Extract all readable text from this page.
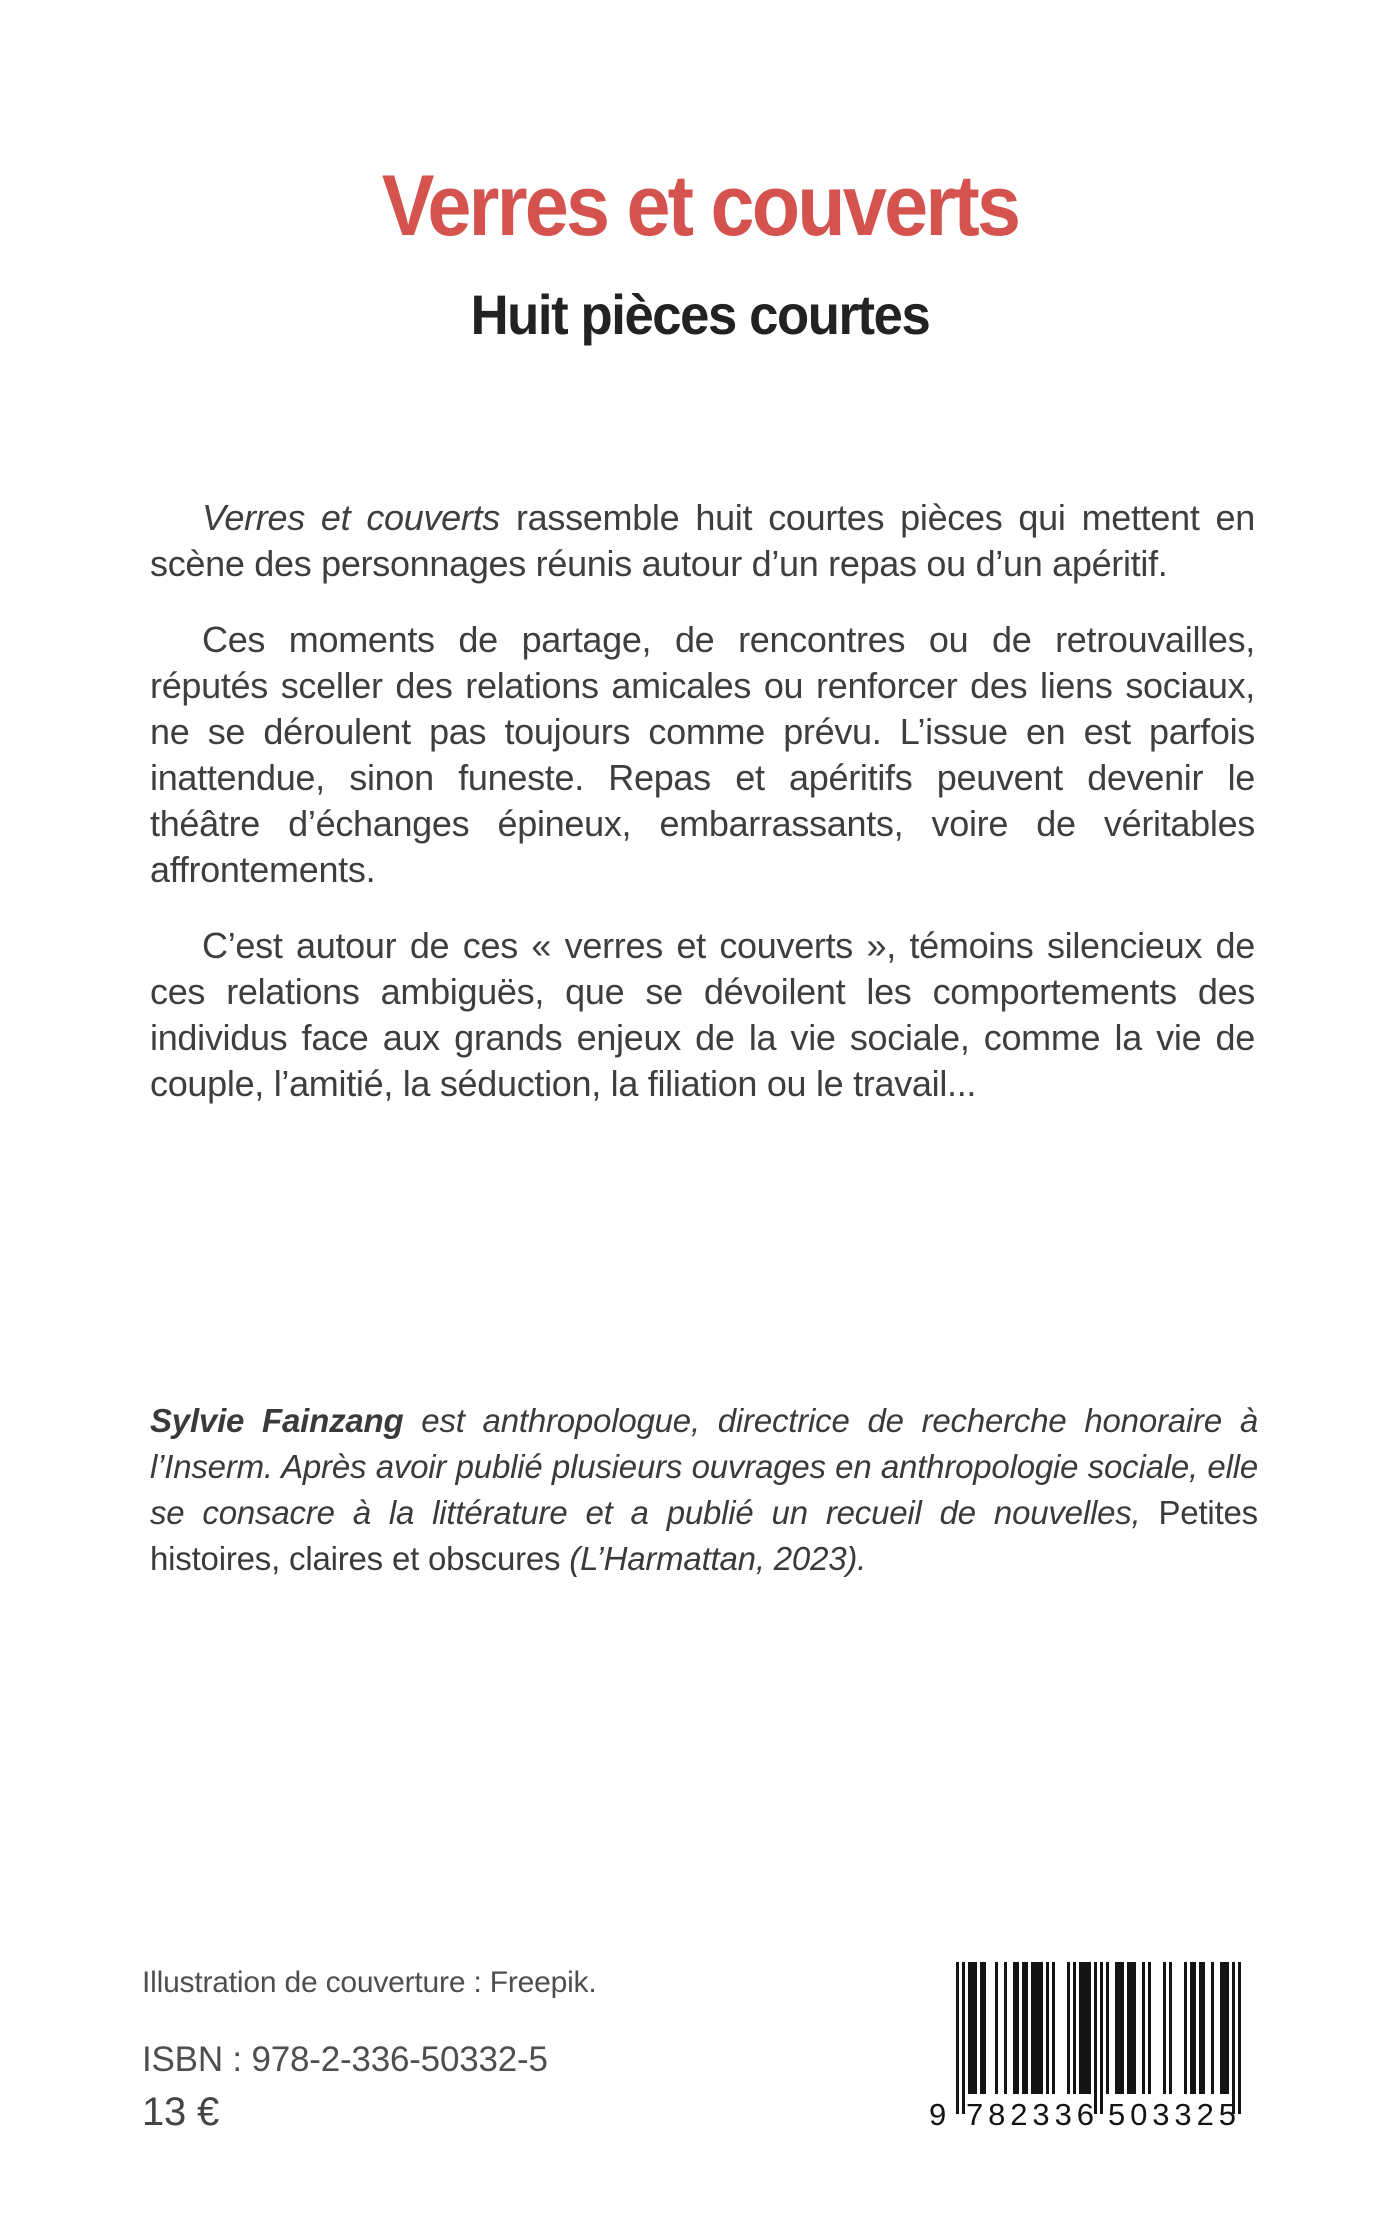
Verres et couverts
Huit pièces courtes

Verres et couverts rassemble huit courtes pièces qui mettent en scène des personnages réunis autour d’un repas ou d’un apéritif.

Ces moments de partage, de rencontres ou de retrouvailles, réputés sceller des relations amicales ou renforcer des liens sociaux, ne se déroulent pas toujours comme prévu. L’issue en est parfois inattendue, sinon funeste. Repas et apéritifs peuvent devenir le théâtre d’échanges épineux, embarrassants, voire de véritables affrontements.

C’est autour de ces « verres et couverts », témoins silencieux de ces relations ambiguës, que se dévoilent les comportements des individus face aux grands enjeux de la vie sociale, comme la vie de couple, l’amitié, la séduction, la filiation ou le travail...

Sylvie Fainzang est anthropologue, directrice de recherche honoraire à l’Inserm. Après avoir publié plusieurs ouvrages en anthropologie sociale, elle se consacre à la littérature et a publié un recueil de nouvelles, Petites histoires, claires et obscures (L’Harmattan, 2023).
Illustration de couverture : Freepik.
ISBN : 978-2-336-50332-5
13 €	9 7 8 2 3 3 6 5 0 3 3 2 5
